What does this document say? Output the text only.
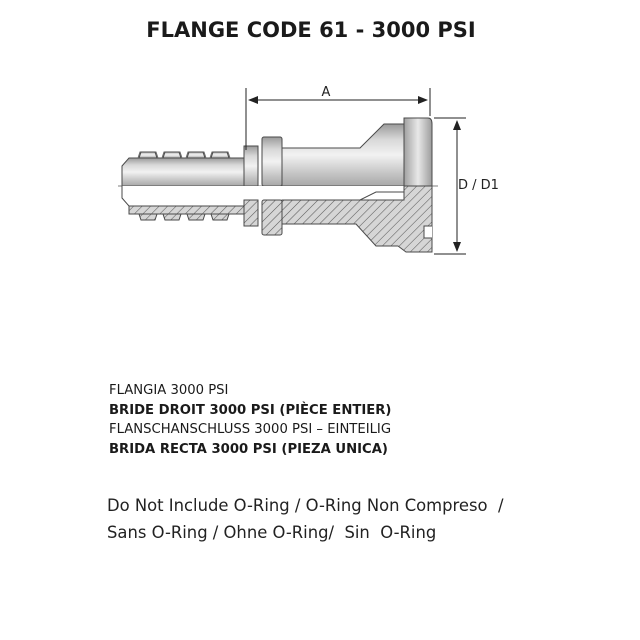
FLANGE CODE 61 - 3000 PSI
A
D / D1
FLANGIA 3000 PSI
BRIDE DROIT 3000 PSI (PIÈCE ENTIER)
FLANSCHANSCHLUSS 3000 PSI – EINTEILIG
BRIDA RECTA 3000 PSI (PIEZA UNICA)
Do Not Include O-Ring / O-Ring Non Compreso  /
Sans O-Ring / Ohne O-Ring/  Sin  O-Ring
